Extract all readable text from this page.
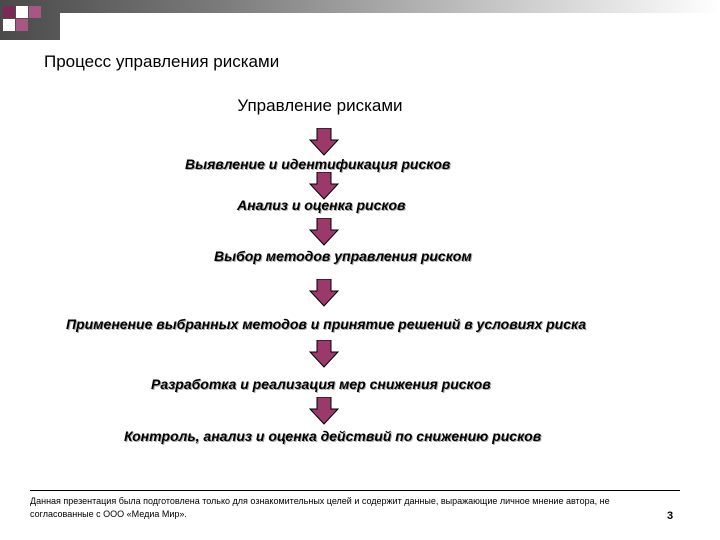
Процесс управления рисками
Управление рисками
Выявление и идентификация рисков
Анализ и оценка рисков
Выбор методов управления риском
Применение выбранных методов и принятие решений в условиях риска
Разработка и реализация мер снижения рисков
Контроль, анализ и оценка действий по снижению рисков
Данная презентация была подготовлена только для ознакомительных целей и содержит данные, выражающие личное мнение автора, не согласованные с ООО «Медиа Мир».	3
